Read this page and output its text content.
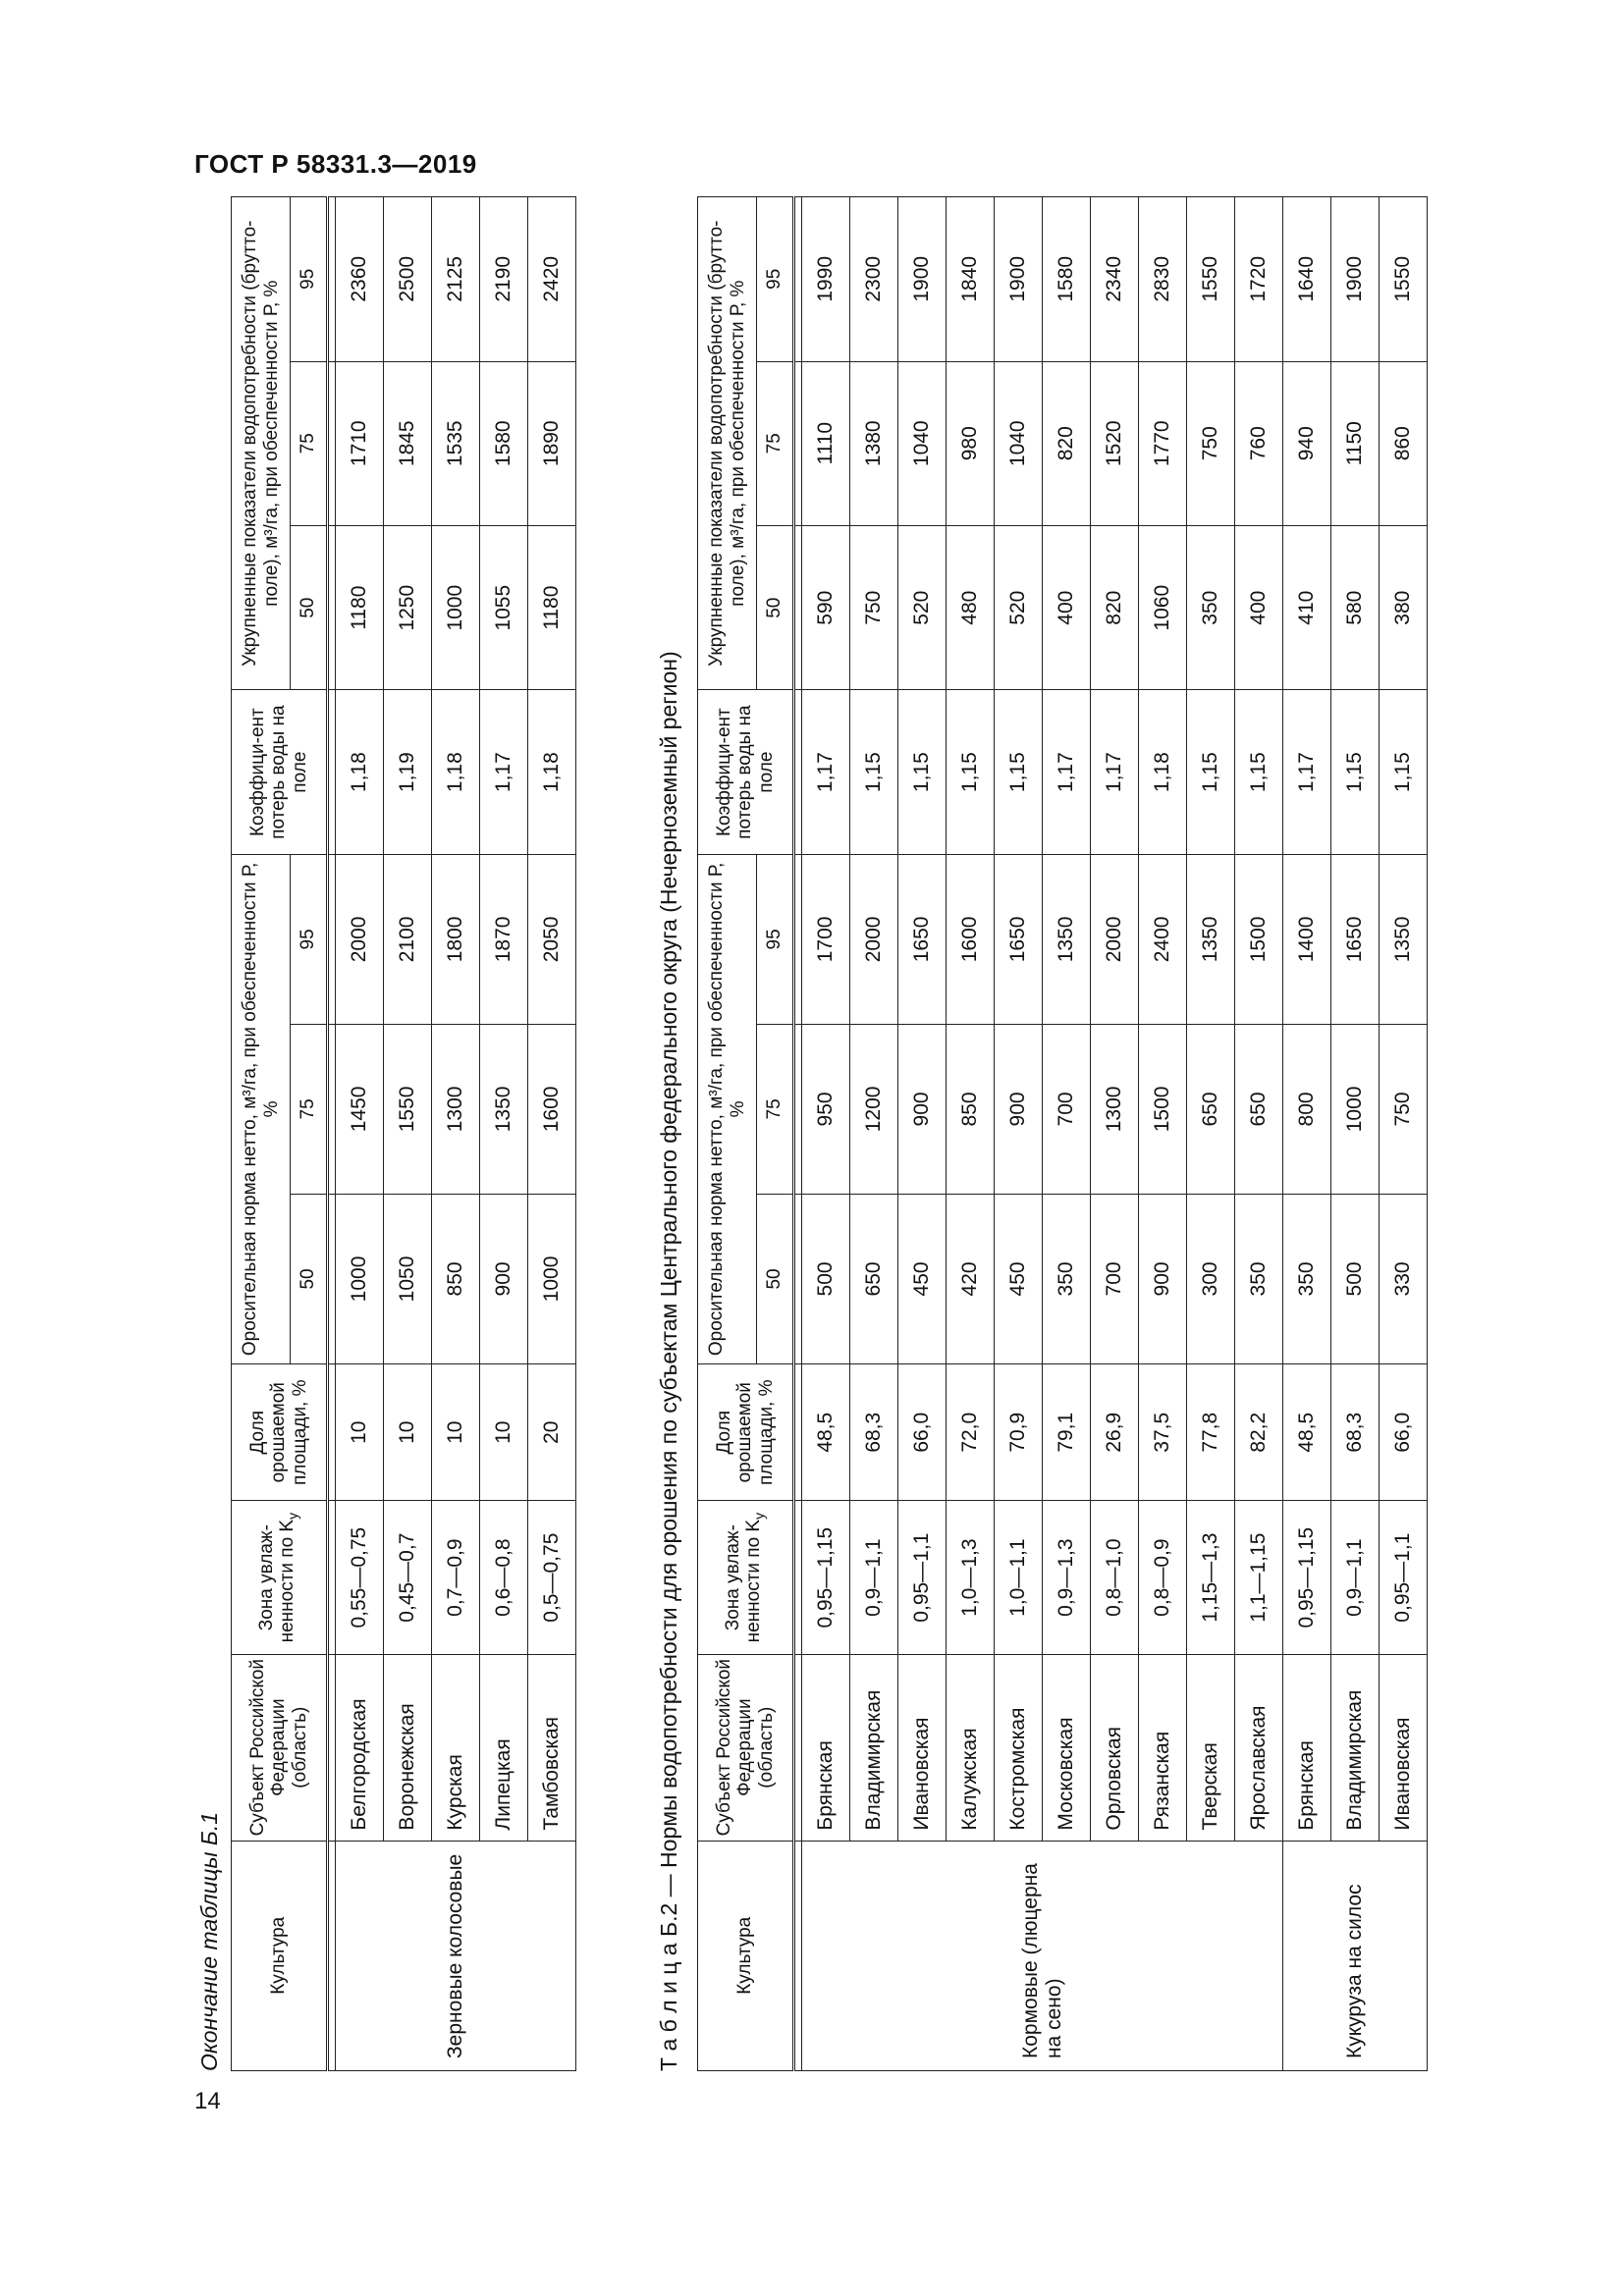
ГОСТ Р 58331.3—2019
Окончание таблицы Б.1 Культура	Субъект Российской Федерации (область)	Зона увлаж-ненности по $K_у$	Доля орошаемой площади, %	Оросительная норма нетто, м³/га, при обеспеченности Р, %			Коэффици-ент потерь воды на поле	Укрупненные показатели водопотребности (брутто-поле), м³/га, при обеспеченности Р, %		
				50	75	95		50	75	95

Зерновые колосовые	Белгородская	0,55—0,75	10	1000	1450	2000	1,18	1180	1710	2360
	Воронежская	0,45—0,7	10	1050	1550	2100	1,19	1250	1845	2500
	Курская	0,7—0,9	10	850	1300	1800	1,18	1000	1535	2125
	Липецкая	0,6—0,8	10	900	1350	1870	1,17	1055	1580	2190
	Тамбовская	0,5—0,75	20	1000	1600	2050	1,18	1180	1890	2420
Т а б л и ц а Б.2 — Нормы водопотребности для орошения по субъектам Центрального федерального округа (Нечерноземный регион)
Культура	Субъект Российской Федерации (область)	Зона увлаж-ненности по $K_у$	Доля орошаемой площади, %	Оросительная норма нетто, м³/га, при обеспеченности Р, %			Коэффици-ент потерь воды на поле	Укрупненные показатели водопотребности (брутто-поле), м³/га, при обеспеченности Р, %		
				50	75	95		50	75	95

Кормовые (люцерна на сено)	Брянская	0,95—1,15	48,5	500	950	1700	1,17	590	1110	1990
	Владимирская	0,9—1,1	68,3	650	1200	2000	1,15	750	1380	2300
	Ивановская	0,95—1,1	66,0	450	900	1650	1,15	520	1040	1900
	Калужская	1,0—1,3	72,0	420	850	1600	1,15	480	980	1840
	Костромская	1,0—1,1	70,9	450	900	1650	1,15	520	1040	1900
	Московская	0,9—1,3	79,1	350	700	1350	1,17	400	820	1580
	Орловская	0,8—1,0	26,9	700	1300	2000	1,17	820	1520	2340
	Рязанская	0,8—0,9	37,5	900	1500	2400	1,18	1060	1770	2830
	Тверская	1,15—1,3	77,8	300	650	1350	1,15	350	750	1550
	Ярославская	1,1—1,15	82,2	350	650	1500	1,15	400	760	1720
Кукуруза на силос	Брянская	0,95—1,15	48,5	350	800	1400	1,17	410	940	1640
	Владимирская	0,9—1,1	68,3	500	1000	1650	1,15	580	1150	1900
	Ивановская	0,95—1,1	66,0	330	750	1350	1,15	380	860	1550
14
